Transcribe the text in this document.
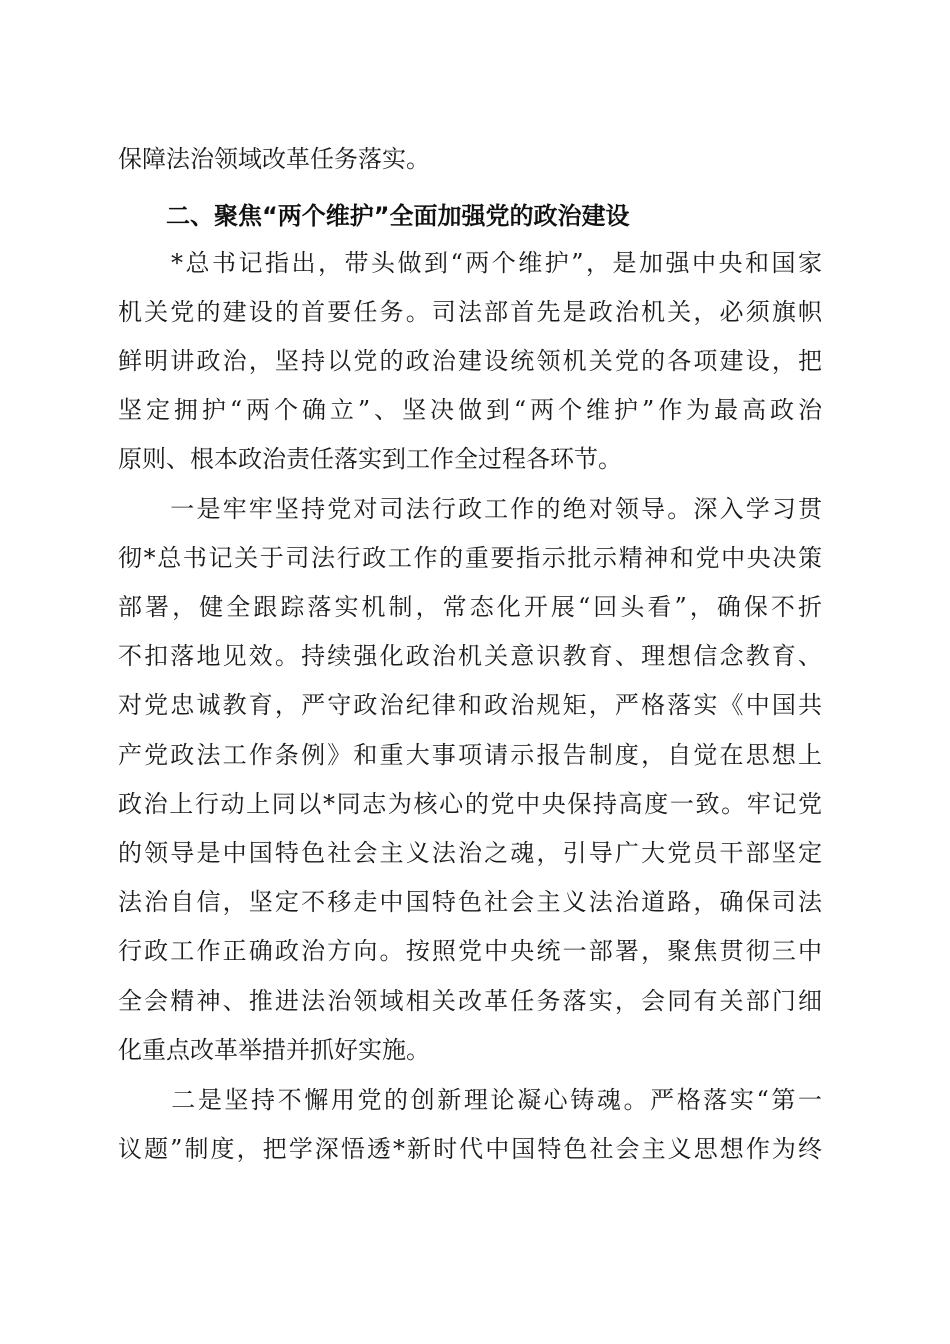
保障法治领域改革任务落实。
二、聚焦“两个维护”全面加强党的政治建设
　　*总书记指出，带头做到“两个维护”，是加强中央和国家
机关党的建设的首要任务。司法部首先是政治机关，必须旗帜
鲜明讲政治，坚持以党的政治建设统领机关党的各项建设，把
坚定拥护“两个确立”、坚决做到“两个维护”作为最高政治
原则、根本政治责任落实到工作全过程各环节。
　　一是牢牢坚持党对司法行政工作的绝对领导。深入学习贯
彻*总书记关于司法行政工作的重要指示批示精神和党中央决策
部署，健全跟踪落实机制，常态化开展“回头看”，确保不折
不扣落地见效。持续强化政治机关意识教育、理想信念教育、
对党忠诚教育，严守政治纪律和政治规矩，严格落实《中国共
产党政法工作条例》和重大事项请示报告制度，自觉在思想上
政治上行动上同以*同志为核心的党中央保持高度一致。牢记党
的领导是中国特色社会主义法治之魂，引导广大党员干部坚定
法治自信，坚定不移走中国特色社会主义法治道路，确保司法
行政工作正确政治方向。按照党中央统一部署，聚焦贯彻三中
全会精神、推进法治领域相关改革任务落实，会同有关部门细
化重点改革举措并抓好实施。
　　二是坚持不懈用党的创新理论凝心铸魂。严格落实“第一
议题”制度，把学深悟透*新时代中国特色社会主义思想作为终
